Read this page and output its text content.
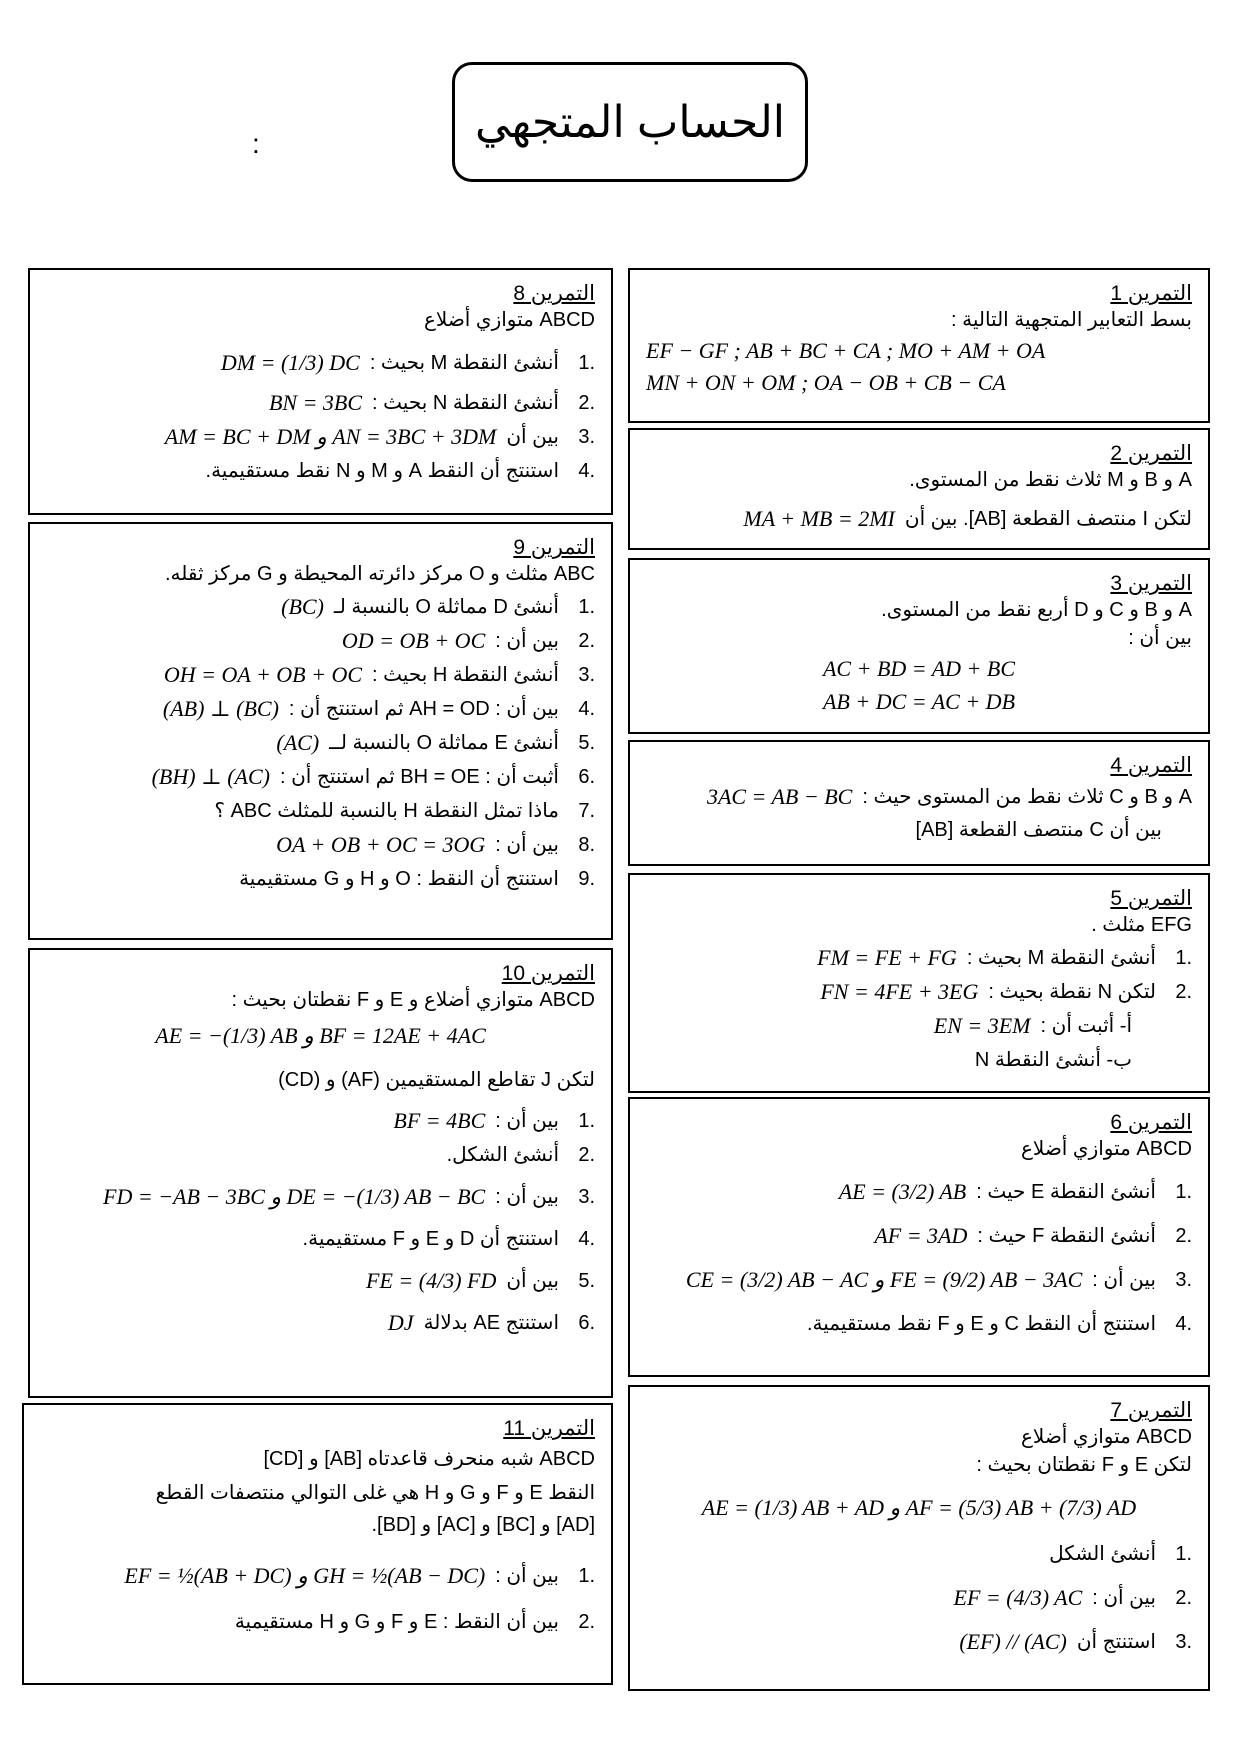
الحساب المتجهي
:
التمرين 1
بسط التعابير المتجهية التالية :
EF − GF ; AB + BC + CA ; MO + AM + OA
MN + ON + OM ; OA − OB + CB − CA
التمرين 2
A و B و M ثلاث نقط من المستوى.
لتكن I منتصف القطعة [AB]. بين أن
MA + MB = 2MI
التمرين 3
A و B و C و D أربع نقط من المستوى.
بين أن :
AC + BD = AD + BC
AB + DC = AC + DB
التمرين 4
A و B و C ثلاث نقط من المستوى حيث :
3AC = AB − BC
بين أن C منتصف القطعة [AB]
التمرين 5
EFG مثلث .
.1
أنشئ النقطة M بحيث :
FM = FE + FG
.2
لتكن N نقطة بحيث :
FN = 4FE + 3EG
أ- أثبت أن :
EN = 3EM
ب- أنشئ النقطة N
التمرين 6
ABCD متوازي أضلاع
.1
أنشئ النقطة E حيث :
AE = (3/2) AB
.2
أنشئ النقطة F حيث :
AF = 3AD
.3
بين أن :
CE = (3/2) AB − AC و FE = (9/2) AB − 3AC
.4
استنتج أن النقط C و E و F نقط مستقيمية.
التمرين 7
ABCD متوازي أضلاع
لتكن E و F نقطتان بحيث :
AE = (1/3) AB + AD و AF = (5/3) AB + (7/3) AD
.1
أنشئ الشكل
.2
بين أن :
EF = (4/3) AC
.3
استنتج أن
(EF) // (AC)
التمرين 8
ABCD متوازي أضلاع
.1
أنشئ النقطة M بحيث :
DM = (1/3) DC
.2
أنشئ النقطة N بحيث :
BN = 3BC
.3
بين أن
AM = BC + DM و AN = 3BC + 3DM
.4
استنتج أن النقط A و M و N نقط مستقيمية.
التمرين 9
ABC مثلث و O مركز دائرته المحيطة و G مركز ثقله.
.1
أنشئ D مماثلة O بالنسبة لـ
(BC)
.2
بين أن :
OD = OB + OC
.3
أنشئ النقطة H بحيث :
OH = OA + OB + OC
.4
بين أن : AH = OD ثم استنتج أن :
(AB) ⊥ (BC)
.5
أنشئ E مماثلة O بالنسبة لــ
(AC)
.6
أثبت أن : BH = OE ثم استنتج أن :
(BH) ⊥ (AC)
.7
ماذا تمثل النقطة H بالنسبة للمثلث ABC ؟
.8
بين أن :
OA + OB + OC = 3OG
.9
استنتج أن النقط : O و H و G مستقيمية
التمرين 10
ABCD متوازي أضلاع و E و F نقطتان بحيث :
AE = −(1/3) AB و BF = 12AE + 4AC
لتكن J تقاطع المستقيمين (AF) و (CD)
.1
بين أن :
BF = 4BC
.2
أنشئ الشكل.
.3
بين أن :
FD = −AB − 3BC و DE = −(1/3) AB − BC
.4
استنتج أن D و E و F مستقيمية.
.5
بين أن
FE = (4/3) FD
.6
استنتج AE بدلالة
DJ
التمرين 11
ABCD شبه منحرف قاعدتاه [AB] و [CD]
النقط E و F و G و H هي غلى التوالي منتصفات القطع
[AD] و [BC] و [AC] و [BD].
.1
بين أن :
EF = ½(AB + DC) و GH = ½(AB − DC)
.2
بين أن النقط : E و F و G و H مستقيمية
